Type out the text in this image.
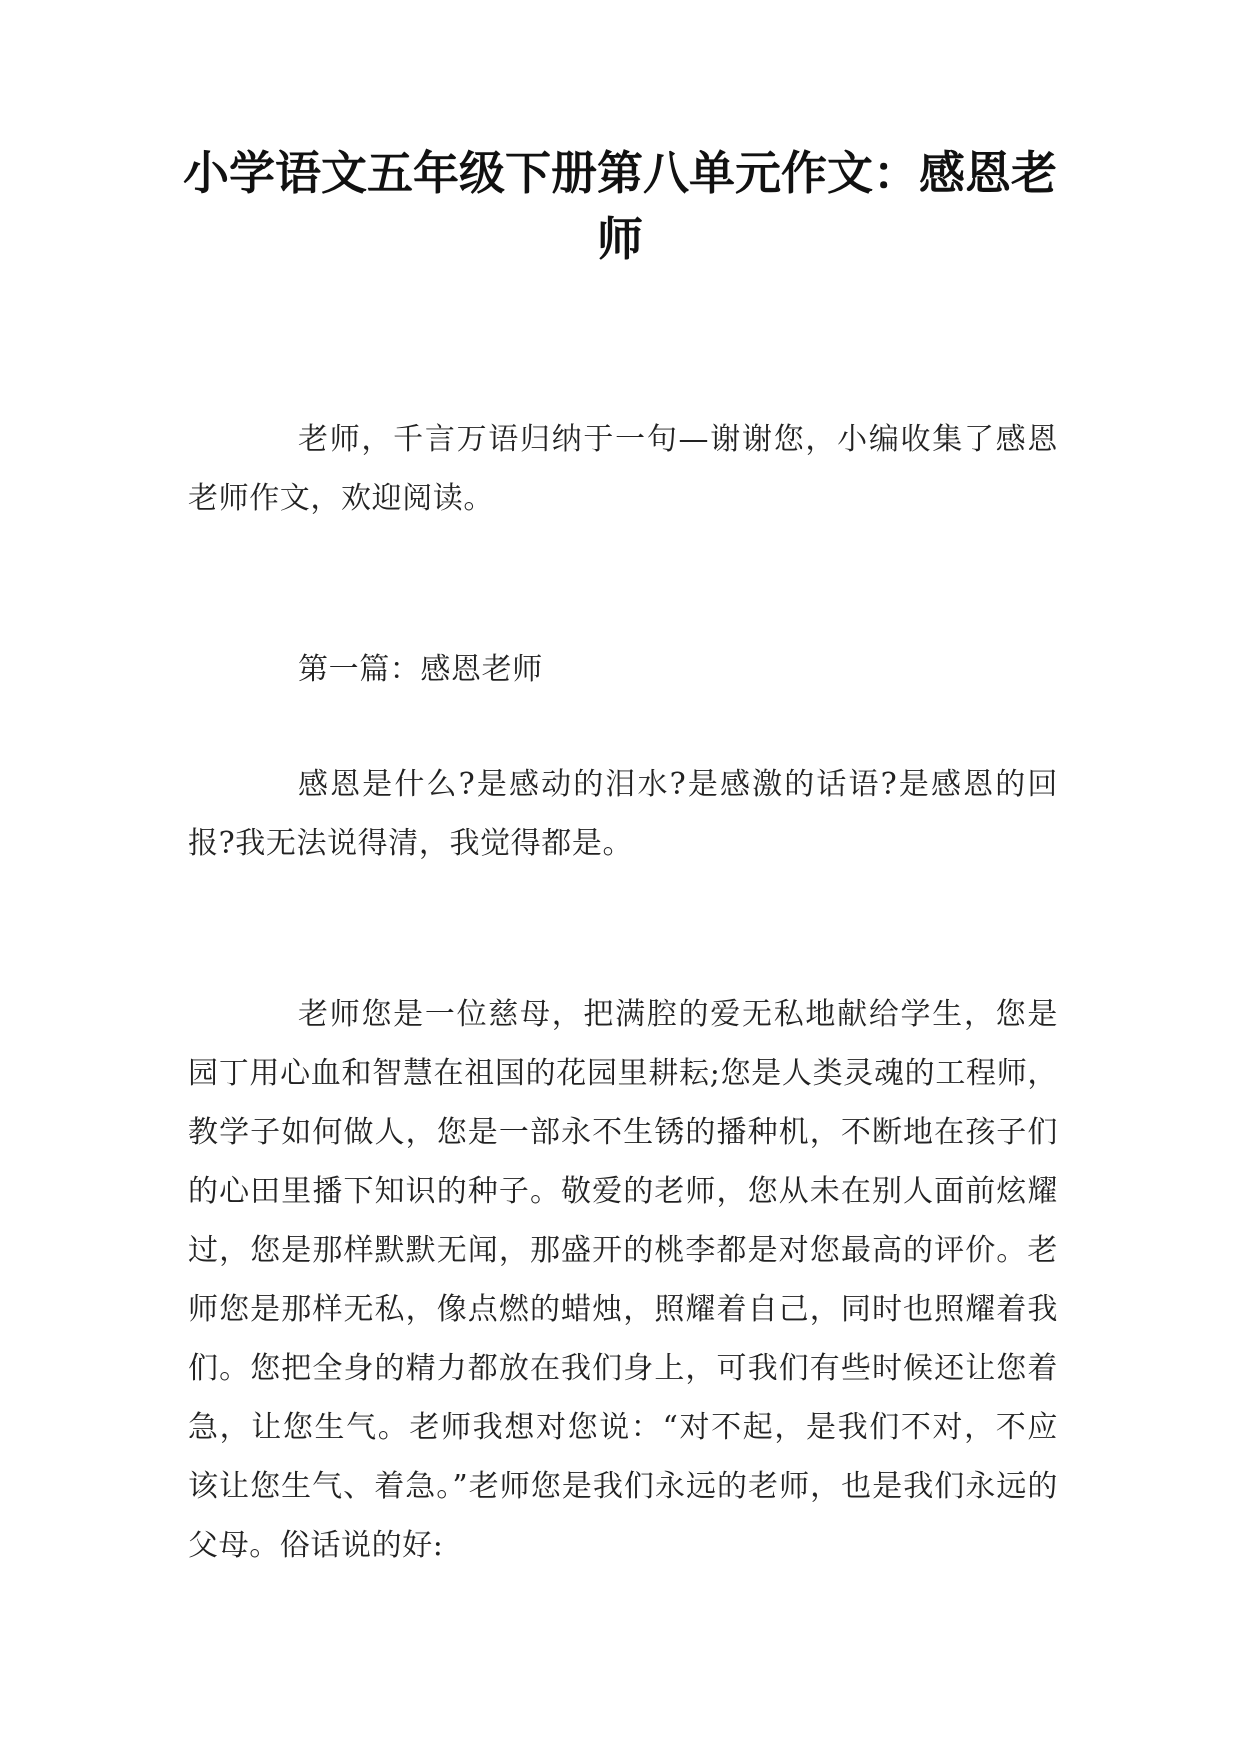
小学语文五年级下册第八单元作文：感恩老师

老师，千言万语归纳于一句—谢谢您，小编收集了感恩老师作文，欢迎阅读。

第一篇：感恩老师

感恩是什么?是感动的泪水?是感激的话语?是感恩的回报?我无法说得清，我觉得都是。

老师您是一位慈母，把满腔的爱无私地献给学生，您是园丁用心血和智慧在祖国的花园里耕耘;您是人类灵魂的工程师，教学子如何做人，您是一部永不生锈的播种机，不断地在孩子们的心田里播下知识的种子。敬爱的老师，您从未在别人面前炫耀过，您是那样默默无闻，那盛开的桃李都是对您最高的评价。老师您是那样无私，像点燃的蜡烛，照耀着自己，同时也照耀着我们。您把全身的精力都放在我们身上，可我们有些时候还让您着急，让您生气。老师我想对您说：“对不起，是我们不对，不应该让您生气、着急。”老师您是我们永远的老师，也是我们永远的父母。俗话说的好:
